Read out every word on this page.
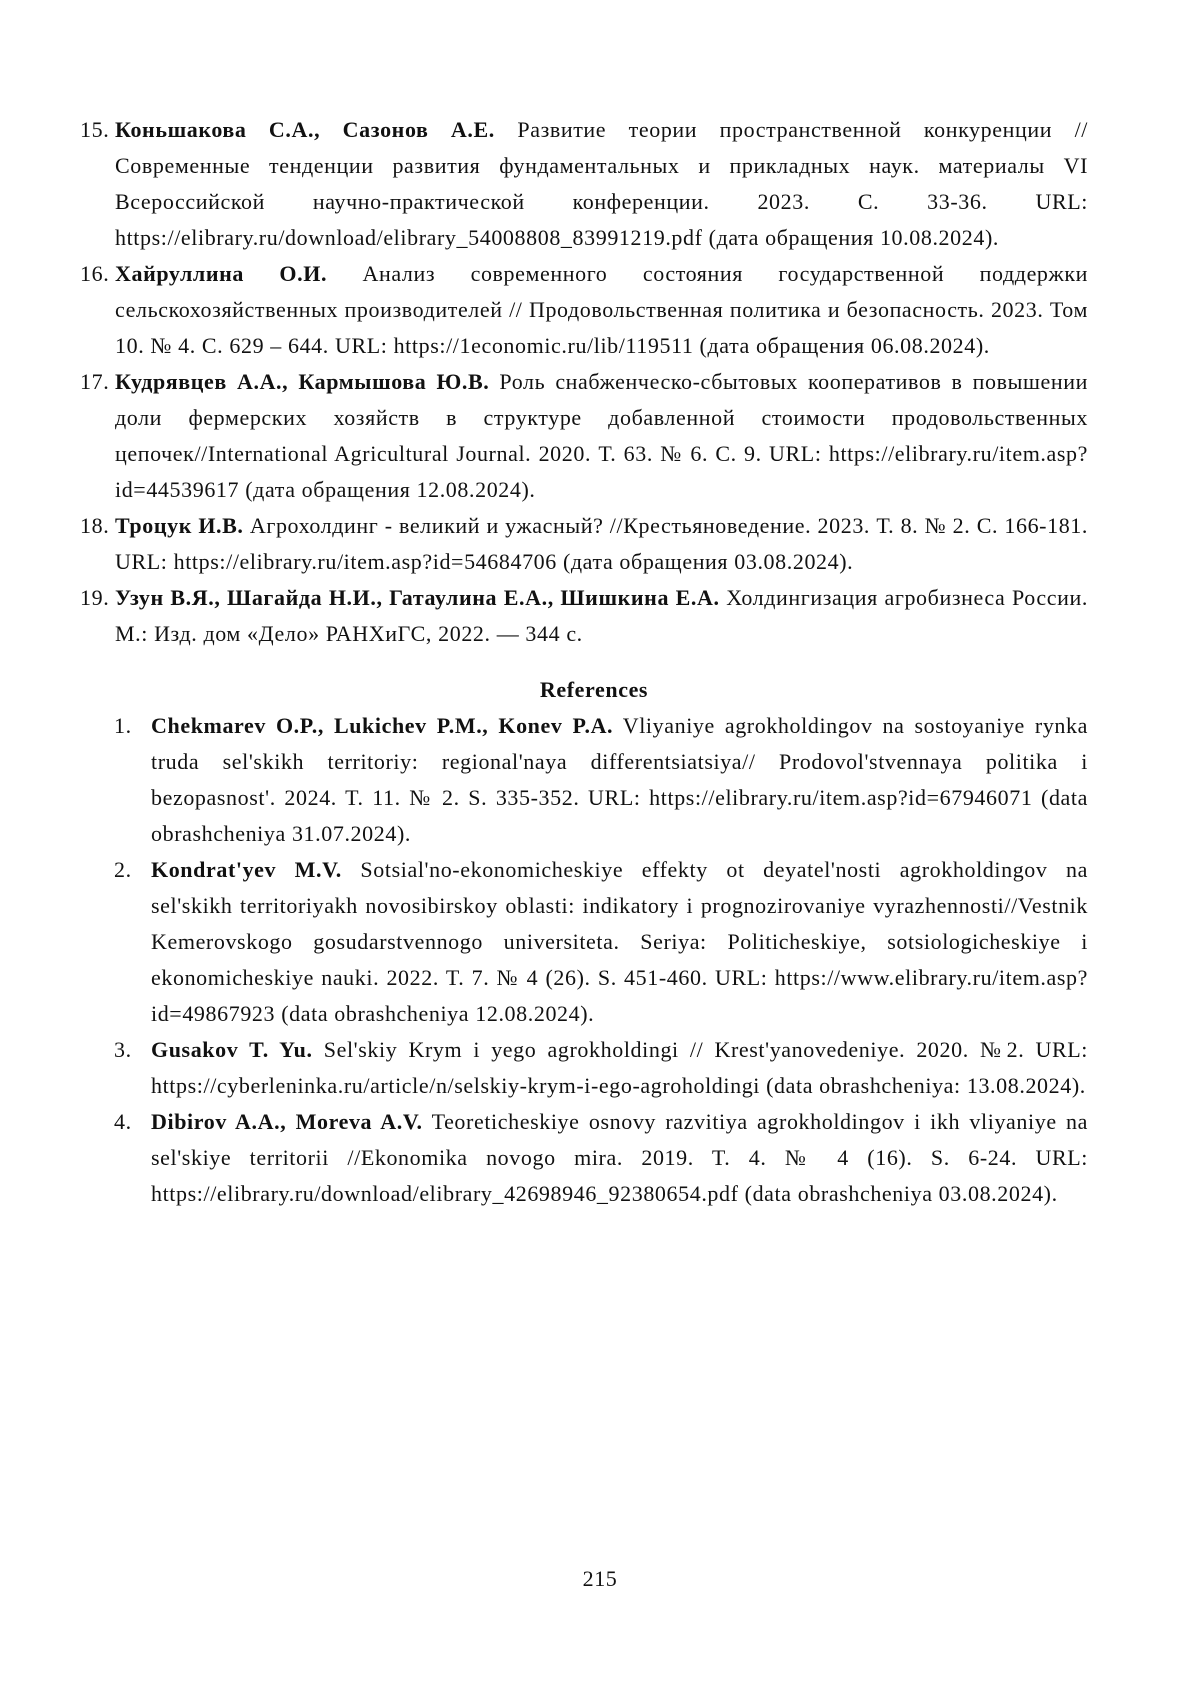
15. Коньшакова С.А., Сазонов А.Е. Развитие теории пространственной конкуренции // Современные тенденции развития фундаментальных и прикладных наук. материалы VI Всероссийской научно-практической конференции. 2023. С. 33-36. URL: https://elibrary.ru/download/elibrary_54008808_83991219.pdf (дата обращения 10.08.2024).
16. Хайруллина О.И. Анализ современного состояния государственной поддержки сельскохозяйственных производителей // Продовольственная политика и безопасность. 2023. Том 10. № 4. С. 629 – 644. URL: https://1economic.ru/lib/119511 (дата обращения 06.08.2024).
17. Кудрявцев А.А., Кармышова Ю.В. Роль снабженческо-сбытовых кооперативов в повышении доли фермерских хозяйств в структуре добавленной стоимости продовольственных цепочек//International Agricultural Journal. 2020. Т. 63. № 6. С. 9. URL: https://elibrary.ru/item.asp?id=44539617 (дата обращения 12.08.2024).
18. Троцук И.В. Агрохолдинг - великий и ужасный? //Крестьяноведение. 2023. Т. 8. № 2. С. 166-181. URL: https://elibrary.ru/item.asp?id=54684706 (дата обращения 03.08.2024).
19. Узун В.Я., Шагайда Н.И., Гатаулина Е.А., Шишкина Е.А. Холдингизация агробизнеса России. М.: Изд. дом «Дело» РАНХиГС, 2022. — 344 с.
References
1. Chekmarev O.P., Lukichev P.M., Konev P.A. Vliyaniye agrokholdingov na sostoyaniye rynka truda sel'skikh territoriy: regional'naya differentsiatsiya// Prodovol'stvennaya politika i bezopasnost'. 2024. T. 11. № 2. S. 335-352. URL: https://elibrary.ru/item.asp?id=67946071 (data obrashcheniya 31.07.2024).
2. Kondrat'yev M.V. Sotsial'no-ekonomicheskiye effekty ot deyatel'nosti agrokholdingov na sel'skikh territoriyakh novosibirskoy oblasti: indikatory i prognozirovaniye vyrazhennosti//Vestnik Kemerovskogo gosudarstvennogo universiteta. Seriya: Politicheskiye, sotsiologicheskiye i ekonomicheskiye nauki. 2022. T. 7. № 4 (26). S. 451-460. URL: https://www.elibrary.ru/item.asp?id=49867923 (data obrashcheniya 12.08.2024).
3. Gusakov T. Yu. Sel'skiy Krym i yego agrokholdingi // Krest'yanovedeniye. 2020. №2. URL: https://cyberleninka.ru/article/n/selskiy-krym-i-ego-agroholdingi (data obrashcheniya: 13.08.2024).
4. Dibirov A.A., Moreva A.V. Teoreticheskiye osnovy razvitiya agrokholdingov i ikh vliyaniye na sel'skiye territorii //Ekonomika novogo mira. 2019. T. 4. № 4 (16). S. 6-24. URL: https://elibrary.ru/download/elibrary_42698946_92380654.pdf (data obrashcheniya 03.08.2024).
215
